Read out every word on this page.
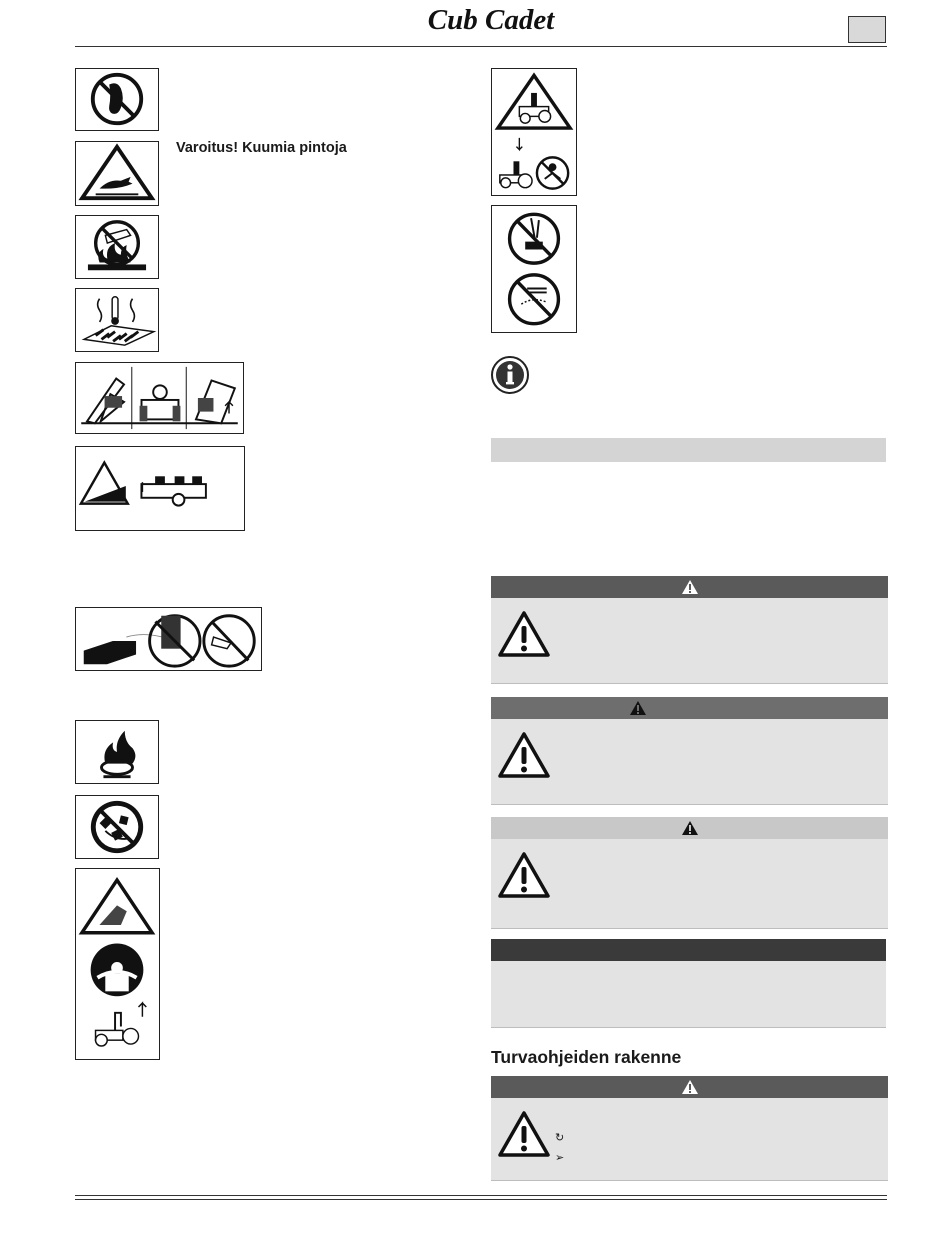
Cub Cadet
Varoitus! Kuumia pintoja
Turvaohjeiden rakenne
↻
➢
